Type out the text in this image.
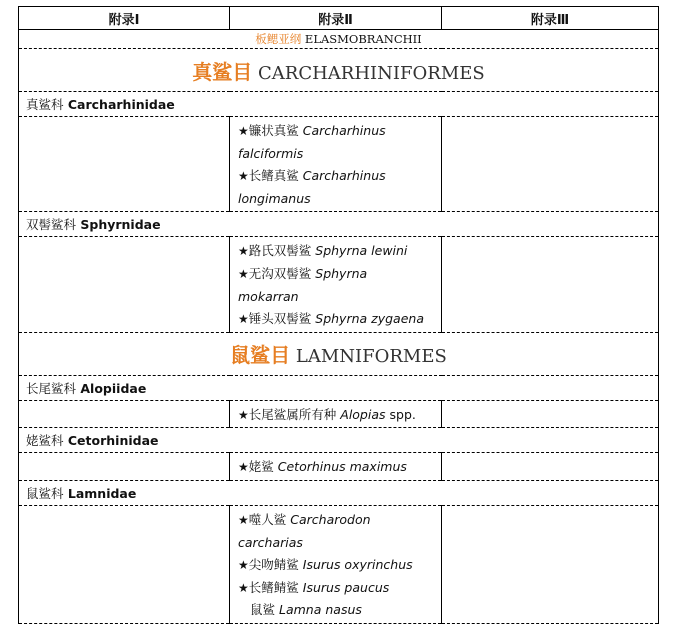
附录Ⅰ	附录Ⅱ	附录Ⅲ
板鳃亚纲 ELASMOBRANCHII		
真鲨目 CARCHARHINIFORMES		
真鲨科 Carcharhinidae		

	★镰状真鲨 Carcharhinus
falciformis
★长鳍真鲨 Carcharhinus
longimanus	

双髻鲨科 Sphyrnidae		

	★路氏双髻鲨 Sphyrna lewini
★无沟双髻鲨 Sphyrna
mokarran
★锤头双髻鲨 Sphyrna zygaena	

鼠鲨目 LAMNIFORMES		
长尾鲨科 Alopiidae		

	★长尾鲨属所有种 Alopias spp.	

姥鲨科 Cetorhinidae		

	★姥鲨 Cetorhinus maximus	

鼠鲨科 Lamnidae		

	★噬人鲨 Carcharodon
carcharias
★尖吻鲭鲨 Isurus oxyrinchus
★长鳍鲭鲨 Isurus paucus
鼠鲨 Lamna nasus	
